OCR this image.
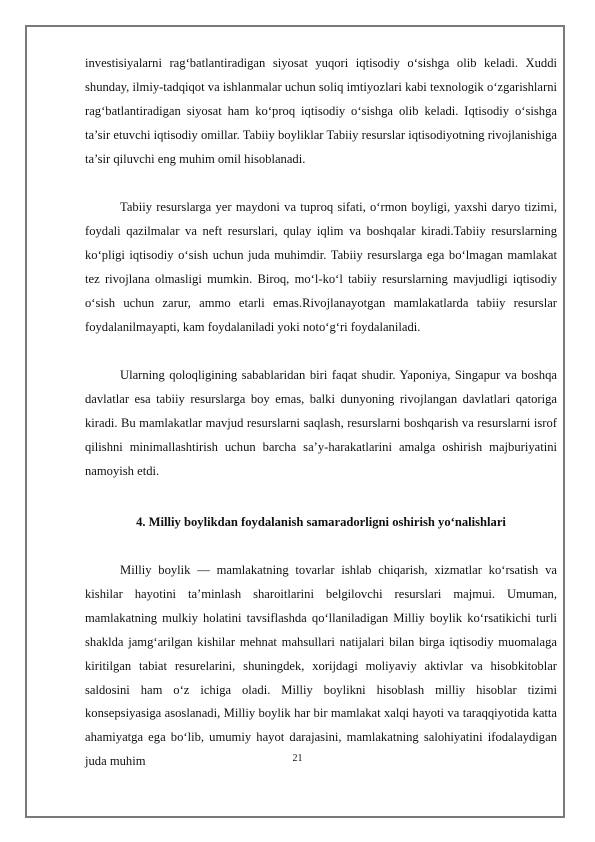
investisiyalarni rag‘batlantiradigan siyosat yuqori iqtisodiy o‘sishga olib keladi. Xuddi shunday, ilmiy-tadqiqot va ishlanmalar uchun soliq imtiyozlari kabi texnologik o‘zgarishlarni rag‘batlantiradigan siyosat ham ko‘proq iqtisodiy o‘sishga olib keladi. Iqtisodiy o‘sishga ta’sir etuvchi iqtisodiy omillar. Tabiiy boyliklar Tabiiy resurslar iqtisodiyotning rivojlanishiga ta’sir qiluvchi eng muhim omil hisoblanadi.

Tabiiy resurslarga yer maydoni va tuproq sifati, o‘rmon boyligi, yaxshi daryo tizimi, foydali qazilmalar va neft resurslari, qulay iqlim va boshqalar kiradi.Tabiiy resurslarning ko‘pligi iqtisodiy o‘sish uchun juda muhimdir. Tabiiy resurslarga ega bo‘lmagan mamlakat tez rivojlana olmasligi mumkin. Biroq, mo‘l-ko‘l tabiiy resurslarning mavjudligi iqtisodiy o‘sish uchun zarur, ammo etarli emas.Rivojlanayotgan mamlakatlarda tabiiy resurslar foydalanilmayapti, kam foydalaniladi yoki noto‘g‘ri foydalaniladi.

Ularning qoloqligining sabablaridan biri faqat shudir. Yaponiya, Singapur va boshqa davlatlar esa tabiiy resurslarga boy emas, balki dunyoning rivojlangan davlatlari qatoriga kiradi. Bu mamlakatlar mavjud resurslarni saqlash, resurslarni boshqarish va resurslarni isrof qilishni minimallashtirish uchun barcha sa’y-harakatlarini amalga oshirish majburiyatini namoyish etdi.

4. Milliy boylikdan foydalanish samaradorligni oshirish yo‘nalishlari

Milliy boylik — mamlakatning tovarlar ishlab chiqarish, xizmatlar ko‘rsatish va kishilar hayotini ta’minlash sharoitlarini belgilovchi resurslari majmui. Umuman, mamlakatning mulkiy holatini tavsiflashda qo‘llaniladigan Milliy boylik ko‘rsatikichi turli shaklda jamg‘arilgan kishilar mehnat mahsullari natijalari bilan birga iqtisodiy muomalaga kiritilgan tabiat resurelarini, shuningdek, xorijdagi moliyaviy aktivlar va hisobkitoblar saldosini ham o‘z ichiga oladi. Milliy boylikni hisoblash milliy hisoblar tizimi konsepsiyasiga asoslanadi, Milliy boylik har bir mamlakat xalqi hayoti va taraqqiyotida katta ahamiyatga ega bo‘lib, umumiy hayot darajasini, mamlakatning salohiyatini ifodalaydigan juda muhim	21
